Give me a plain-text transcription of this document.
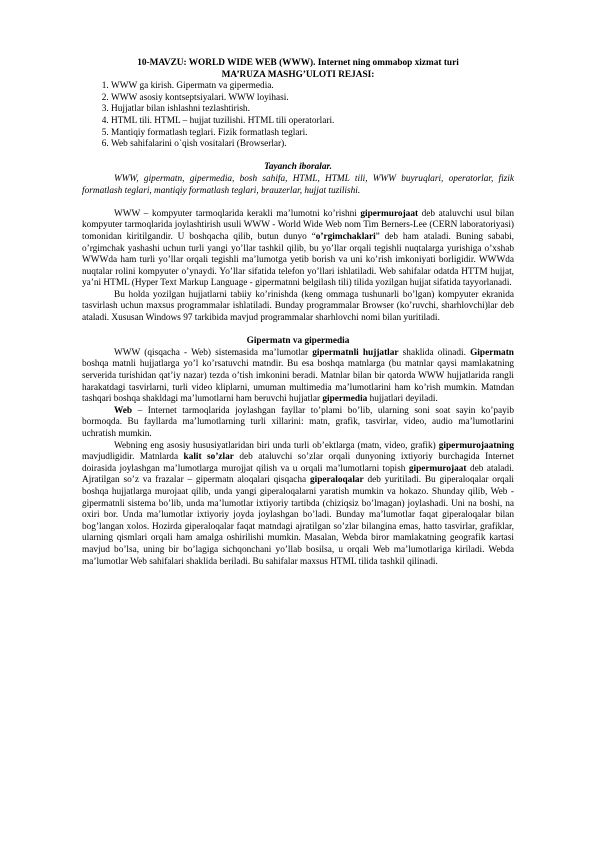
10-MAVZU: WORLD WIDE WEB (WWW). Internet ning ommabop xizmat turi
MA’RUZA MASHG’ULOTI REJASI:
1. WWW ga kirish. Gipermatn va gipermedia.
2. WWW asosiy kontseptsiyalari. WWW loyihasi.
3. Hujjatlar bilan ishlashni tezlashtirish.
4. HTML tili. HTML – hujjat tuzilishi. HTML tili operatorlari.
5. Mantiqiy formatlash teglari. Fizik formatlash teglari.
6. Web sahifalarini o`qish vositalari (Browserlar).
Tayanch iboralar.
WWW, gipermatn, gipermedia, bosh sahifa, HTML, HTML tili, WWW buyruqlari, operatorlar, fizik formatlash teglari, mantiqiy formatlash teglari, brauzerlar, hujjat tuzilishi.

WWW – kompyuter tarmoqlarida kerakli ma’lumotni ko’rishni gipermurojaat deb ataluvchi usul bilan kompyuter tarmoqlarida joylashtirish usuli WWW - World Wide Web nom Tim Berners-Lee (CERN laboratoriyasi) tomonidan kiritilgandir. U boshqacha qilib, butun dunyo “o’rgimchaklari” deb ham ataladi. Buning sababi, o’rgimchak yashashi uchun turli yangi yo’llar tashkil qilib, bu yo’llar orqali tegishli nuqtalarga yurishiga o’xshab WWWda ham turli yo’llar orqali tegishli ma’lumotga yetib borish va uni ko’rish imkoniyati borligidir. WWWda nuqtalar rolini kompyuter o’ynaydi. Yo’llar sifatida telefon yo’llari ishlatiladi. Web sahifalar odatda HTTM hujjat, ya’ni HTML (Hyper Text Markup Language - gipermatnni belgilash tili) tilida yozilgan hujjat sifatida tayyorlanadi.

Bu holda yozilgan hujjatlarni tabiiy ko’rinishda (keng ommaga tushunarli bo’lgan) kompyuter ekranida tasvirlash uchun maxsus programmalar ishlatiladi. Bunday programmalar Browser (ko’ruvchi, sharhlovchi)lar deb ataladi. Xususan Windows 97 tarkibida mavjud programmalar sharhlovchi nomi bilan yuritiladi.

Gipermatn va gipermedia

WWW (qisqacha - Web) sistemasida ma’lumotlar gipermatnli hujjatlar shaklida olinadi. Gipermatn boshqa matnli hujjatlarga yo’l ko’rsatuvchi matndir. Bu esa boshqa matnlarga (bu matnlar qaysi mamlakatning serverida turishidan qat’iy nazar) tezda o’tish imkonini beradi. Matnlar bilan bir qatorda WWW hujjatlarida rangli harakatdagi tasvirlarni, turli video kliplarni, umuman multimedia ma’lumotlarini ham ko’rish mumkin. Matndan tashqari boshqa shakldagi ma’lumotlarni ham beruvchi hujjatlar gipermedia hujjatlari deyiladi.

Web – Internet tarmoqlarida joylashgan fayllar to’plami bo’lib, ularning soni soat sayin ko’payib bormoqda. Bu fayllarda ma’lumotlarning turli xillarini: matn, grafik, tasvirlar, video, audio ma’lumotlarini uchratish mumkin.

Webning eng asosiy hususiyatlaridan biri unda turli ob’ektlarga (matn, video, grafik) gipermurojaatning mavjudligidir. Matnlarda kalit so’zlar deb ataluvchi so’zlar orqali dunyoning ixtiyoriy burchagida Internet doirasida joylashgan ma’lumotlarga murojjat qilish va u orqali ma’lumotlarni topish gipermurojaat deb ataladi. Ajratilgan so’z va frazalar – gipermatn aloqalari qisqacha giperaloqalar deb yuritiladi. Bu giperaloqalar orqali boshqa hujjatlarga murojaat qilib, unda yangi giperaloqalarni yaratish mumkin va hokazo. Shunday qilib, Web - gipermatnli sistema bo’lib, unda ma’lumotlar ixtiyoriy tartibda (chiziqsiz bo’lmagan) joylashadi. Uni na boshi, na oxiri bor. Unda ma’lumotlar ixtiyoriy joyda joylashgan bo’ladi. Bunday ma’lumotlar faqat giperaloqalar bilan bog’langan xolos. Hozirda giperaloqalar faqat matndagi ajratilgan so’zlar bilangina emas, hatto tasvirlar, grafiklar, ularning qismlari orqali ham amalga oshirilishi mumkin. Masalan, Webda biror mamlakatning geografik kartasi mavjud bo’lsa, uning bir bo’lagiga sichqonchani yo’llab bosilsa, u orqali Web ma’lumotlariga kiriladi. Webda ma’lumotlar Web sahifalari shaklida beriladi. Bu sahifalar maxsus HTML tilida tashkil qilinadi.
